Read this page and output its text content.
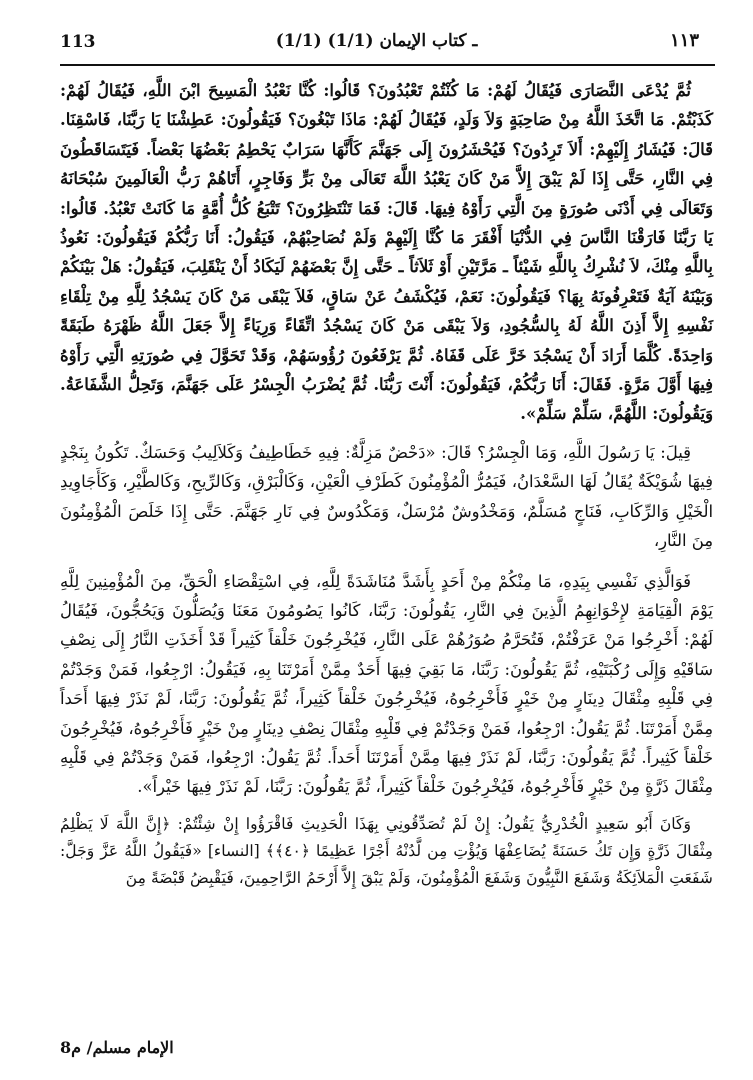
113	(1/1) ـ كتاب الإيمان (1/1)	١١٣

ثُمَّ يُدْعَى النَّصَارَى فَيُقَالُ لَهُمْ: مَا كُنْتُمْ تَعْبُدُونَ؟ قَالُوا: كُنَّا نَعْبُدُ الْمَسِيحَ ابْنَ اللَّهِ، فَيُقَالُ لَهُمْ: كَذَبْتُمْ. مَا اتَّخَذَ اللَّهُ مِنْ صَاحِبَةٍ وَلاَ وَلَدٍ، فَيُقَالُ لَهُمْ: مَاذَا تَبْغُونَ؟ فَيَقُولُونَ: عَطِشْنَا يَا رَبَّنَا، فَاسْقِنَا. قَالَ: فَيُشَارُ إِلَيْهِمْ: أَلاَ تَرِدُونَ؟ فَيُحْشَرُونَ إِلَى جَهَنَّمَ كَأَنَّهَا سَرَابٌ يَحْطِمُ بَعْضُهَا بَعْضاً. فَيَتَسَاقَطُونَ فِي النَّارِ، حَتَّى إِذَا لَمْ يَبْقَ إِلاَّ مَنْ كَانَ يَعْبُدُ اللَّهَ تَعَالَى مِنْ بَرٍّ وَفَاجِرٍ، أَتَاهُمْ رَبُّ الْعَالَمِينَ سُبْحَانَهُ وَتَعَالَى فِي أَدْنَى صُورَةٍ مِنَ الَّتِي رَأَوْهُ فِيهَا. قَالَ: فَمَا تَنْتَظِرُونَ؟ تَتْبَعُ كُلُّ أُمَّةٍ مَا كَانَتْ تَعْبُدُ. قَالُوا: يَا رَبَّنَا فَارَقْنَا النَّاسَ فِي الدُّنْيَا أَفْقَرَ مَا كُنَّا إِلَيْهِمْ وَلَمْ نُصَاحِبْهُمْ، فَيَقُولُ: أَنَا رَبُّكُمْ فَيَقُولُونَ: نَعُوذُ بِاللَّهِ مِنْكَ، لاَ نُشْرِكُ بِاللَّهِ شَيْئاً ـ مَرَّتَيْنِ أَوْ ثَلاَثاً ـ حَتَّى إِنَّ بَعْضَهُمْ لَيَكَادُ أَنْ يَنْقَلِبَ، فَيَقُولُ: هَلْ بَيْنَكُمْ وَبَيْنَهُ آيَةٌ فَتَعْرِفُونَهُ بِهَا؟ فَيَقُولُونَ: نَعَمْ، فَيُكْشَفُ عَنْ سَاقٍ، فَلاَ يَبْقَى مَنْ كَانَ يَسْجُدُ لِلَّهِ مِنْ تِلْقَاءِ نَفْسِهِ إِلاَّ أَذِنَ اللَّهُ لَهُ بِالسُّجُودِ، وَلاَ يَبْقَى مَنْ كَانَ يَسْجُدُ اتِّقَاءً وَرِيَاءً إِلاَّ جَعَلَ اللَّهُ ظَهْرَهُ طَبَقَةً وَاحِدَةً. كُلَّمَا أَرَادَ أَنْ يَسْجُدَ خَرَّ عَلَى قَفَاهُ. ثُمَّ يَرْفَعُونَ رُؤُوسَهُمْ، وَقَدْ تَحَوَّلَ فِي صُورَتِهِ الَّتِي رَأَوْهُ فِيهَا أَوَّلَ مَرَّةٍ. فَقَالَ: أَنَا رَبُّكُمْ، فَيَقُولُونَ: أَنْتَ رَبُّنَا. ثُمَّ يُضْرَبُ الْجِسْرُ عَلَى جَهَنَّمَ، وَتَحِلُّ الشَّفَاعَةُ. وَيَقُولُونَ: اللَّهُمَّ، سَلِّمْ سَلِّمْ».

قِيلَ: يَا رَسُولَ اللَّهِ، وَمَا الْجِسْرُ؟ قَالَ: «دَحْضٌ مَزِلَّةٌ: فِيهِ خَطَاطِيفُ وَكَلاَلِيبُ وَحَسَكٌ. تَكُونُ بِنَجْدٍ فِيهَا شُوَيْكَةٌ يُقَالُ لَهَا السَّعْدَانُ، فَيَمُرُّ الْمُؤْمِنُونَ كَطَرْفِ الْعَيْنِ، وَكَالْبَرْقِ، وَكَالرِّيحِ، وَكَالطَّيْرِ، وَكَأَجَاوِيدِ الْخَيْلِ وَالرِّكَابِ، فَنَاجٍ مُسَلَّمٌ، وَمَخْدُوشٌ مُرْسَلٌ، وَمَكْدُوسٌ فِي نَارِ جَهَنَّمَ. حَتَّى إِذَا خَلَصَ الْمُؤْمِنُونَ مِنَ النَّارِ،

فَوَالَّذِي نَفْسِي بِيَدِهِ، مَا مِنْكُمْ مِنْ أَحَدٍ بِأَشَدَّ مُنَاشَدَةً لِلَّهِ، فِي اسْتِقْصَاءِ الْحَقِّ، مِنَ الْمُؤْمِنِينَ لِلَّهِ يَوْمَ الْقِيَامَةِ لإِخْوَانِهِمُ الَّذِينَ فِي النَّارِ، يَقُولُونَ: رَبَّنَا، كَانُوا يَصُومُونَ مَعَنَا وَيُصَلُّونَ وَيَحُجُّونَ، فَيُقَالُ لَهُمْ: أَخْرِجُوا مَنْ عَرَفْتُمْ، فَتُحَرَّمُ صُوَرُهُمْ عَلَى النَّارِ، فَيُخْرِجُونَ خَلْقاً كَثِيراً قَدْ أَخَذَتِ النَّارُ إِلَى نِصْفِ سَاقَيْهِ وَإِلَى رُكْبَتَيْهِ، ثُمَّ يَقُولُونَ: رَبَّنَا، مَا بَقِيَ فِيهَا أَحَدٌ مِمَّنْ أَمَرْتَنَا بِهِ، فَيَقُولُ: ارْجِعُوا، فَمَنْ وَجَدْتُمْ فِي قَلْبِهِ مِثْقَالَ دِينَارٍ مِنْ خَيْرٍ فَأَخْرِجُوهُ، فَيُخْرِجُونَ خَلْقاً كَثِيراً، ثُمَّ يَقُولُونَ: رَبَّنَا، لَمْ نَذَرْ فِيهَا أَحَداً مِمَّنْ أَمَرْتَنَا. ثُمَّ يَقُولُ: ارْجِعُوا، فَمَنْ وَجَدْتُمْ فِي قَلْبِهِ مِثْقَالَ نِصْفِ دِينَارٍ مِنْ خَيْرٍ فَأَخْرِجُوهُ، فَيُخْرِجُونَ خَلْقاً كَثِيراً. ثُمَّ يَقُولُونَ: رَبَّنَا، لَمْ نَذَرْ فِيهَا مِمَّنْ أَمَرْتَنَا أَحَداً. ثُمَّ يَقُولُ: ارْجِعُوا، فَمَنْ وَجَدْتُمْ فِي قَلْبِهِ مِثْقَالَ ذَرَّةٍ مِنْ خَيْرٍ فَأَخْرِجُوهُ، فَيُخْرِجُونَ خَلْقاً كَثِيراً، ثُمَّ يَقُولُونَ: رَبَّنَا، لَمْ نَذَرْ فِيهَا خَيْراً».

وَكَانَ أَبُو سَعِيدٍ الْخُدْرِيُّ يَقُولُ: إِنْ لَمْ تُصَدِّقُونِي بِهَذَا الْحَدِيثِ فَاقْرَؤُوا إِنْ شِئْتُمْ: ﴿إِنَّ اللَّهَ لَا يَظْلِمُ مِثْقَالَ ذَرَّةٍ وَإِن تَكُ حَسَنَةً يُضَاعِفْهَا وَيُؤْتِ مِن لَّدُنْهُ أَجْرًا عَظِيمًا ﴿٤٠﴾﴾ [النساء] «فَيَقُولُ اللَّهُ عَزَّ وَجَلَّ: شَفَعَتِ الْمَلاَئِكَةُ وَشَفَعَ النَّبِيُّونَ وَشَفَعَ الْمُؤْمِنُونَ، وَلَمْ يَبْقَ إِلاَّ أَرْحَمُ الرَّاحِمِينَ، فَيَقْبِضُ قَبْضَةً مِنَ

الإمام مسلم/ م8
